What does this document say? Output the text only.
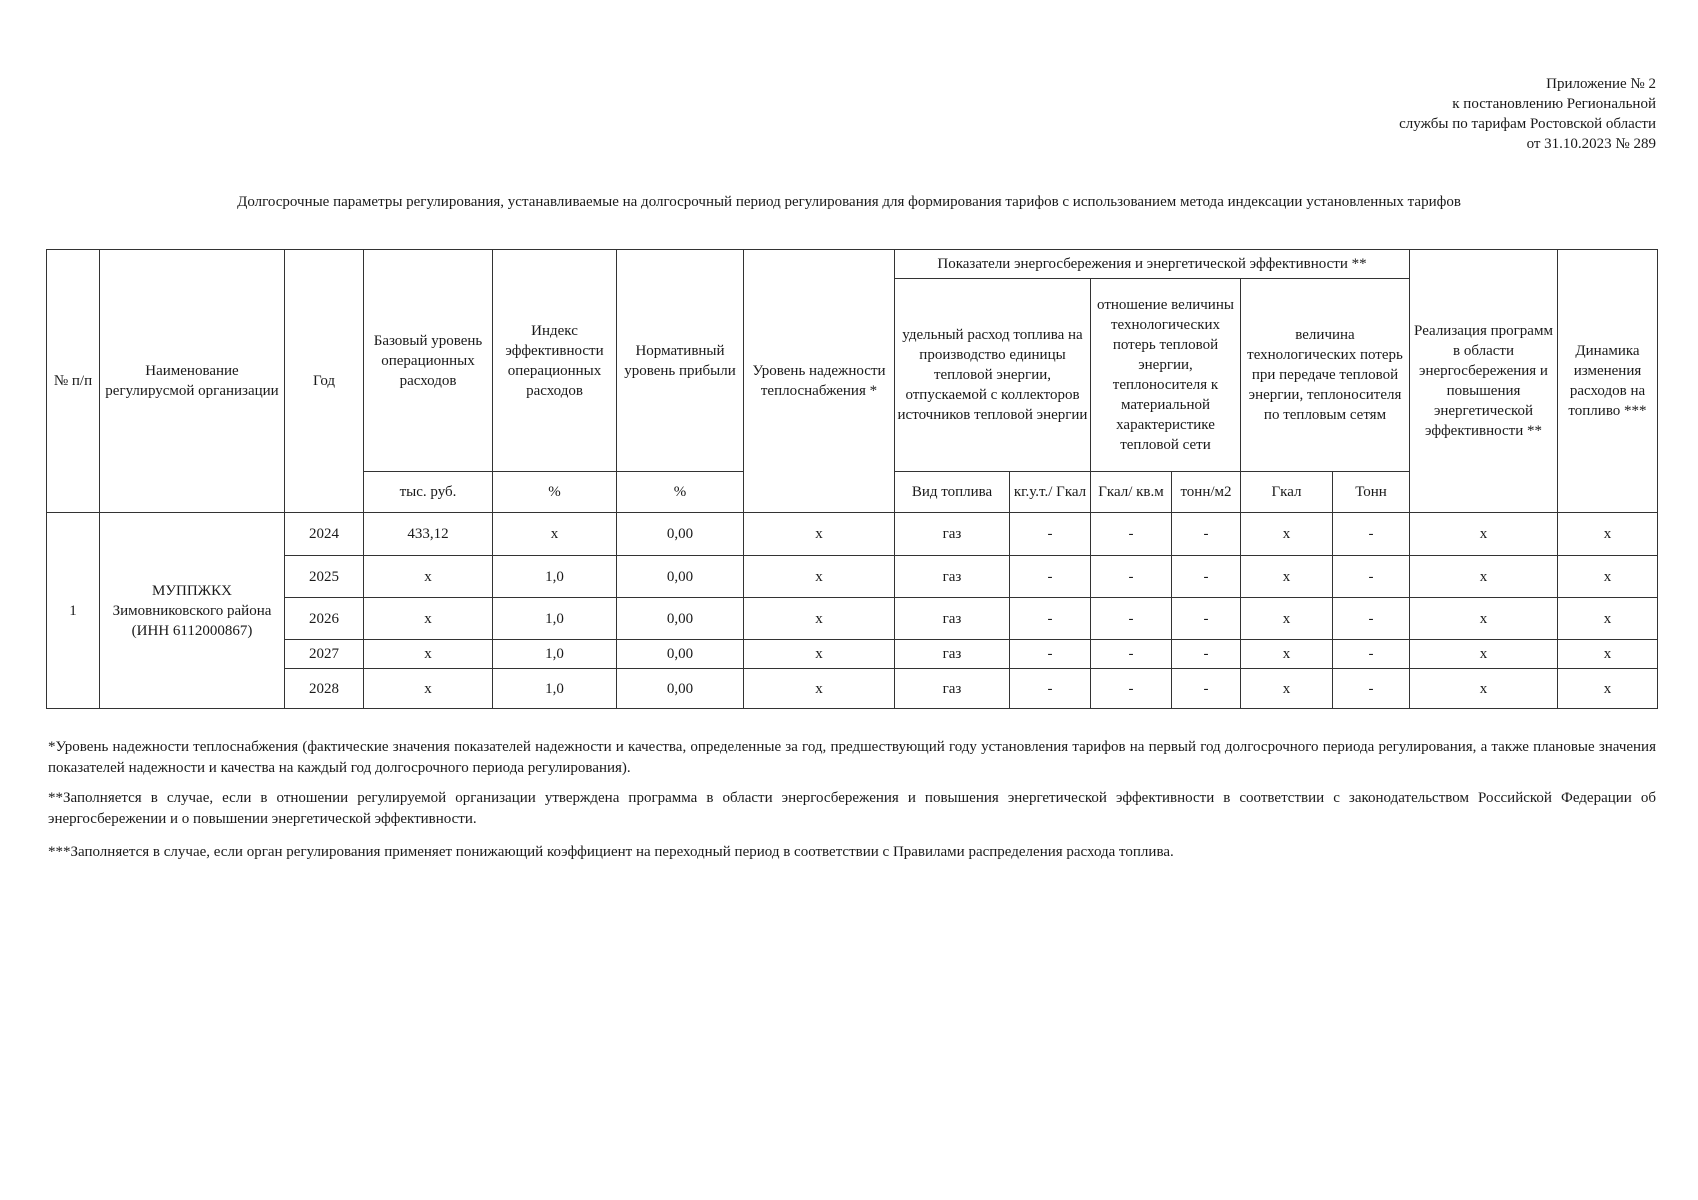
Приложение № 2
к постановлению Региональной
службы по тарифам Ростовской области
от 31.10.2023 № 289
Долгосрочные параметры регулирования, устанавливаемые на долгосрочный период регулирования для формирования тарифов с использованием метода индексации установленных тарифов
№ п/п	Наименование регулирусмой организации	Год	Базовый уровень операционных расходов	Индекс эффективности операционных расходов	Нормативный уровень прибыли	Уровень надежности теплоснабжения *	Показатели энергосбережения и энергетической эффективности **						Реализация программ в области энергосбережения и повышения энергетической эффективности **	Динамика изменения расходов на топливо ***
							удельный расход топлива на производство единицы тепловой энергии, отпускаемой с коллекторов источников тепловой энергии		отношение величины технологических потерь тепловой энергии, теплоносителя к материальной характеристике тепловой сети		величина технологических потерь при передаче тепловой энергии, теплоносителя по тепловым сетям			
			тыс. руб.	%	%		Вид топлива	кг.у.т./ Гкал	Гкал/ кв.м	тонн/м2	Гкал	Тонн		
1	МУППЖКХ Зимовниковского района (ИНН 6112000867)	2024	433,12	x	0,00	x	газ	-	-	-	x	-	x	x
		2025	x	1,0	0,00	x	газ	-	-	-	x	-	x	x
		2026	x	1,0	0,00	x	газ	-	-	-	x	-	x	x
		2027	x	1,0	0,00	x	газ	-	-	-	x	-	x	x
		2028	x	1,0	0,00	x	газ	-	-	-	x	-	x	x
*Уровень надежности теплоснабжения (фактические значения показателей надежности и качества, определенные за год, предшествующий году установления тарифов на первый год долгосрочного периода регулирования, а также плановые значения показателей надежности и качества на каждый год долгосрочного периода регулирования).
**Заполняется в случае, если в отношении регулируемой организации утверждена программа в области энергосбережения и повышения энергетической эффективности в соответствии с законодательством Российской Федерации об энергосбережении и о повышении энергетической эффективности.
***Заполняется в случае, если орган регулирования применяет понижающий коэффициент на переходный период в соответствии с Правилами распределения расхода топлива.
